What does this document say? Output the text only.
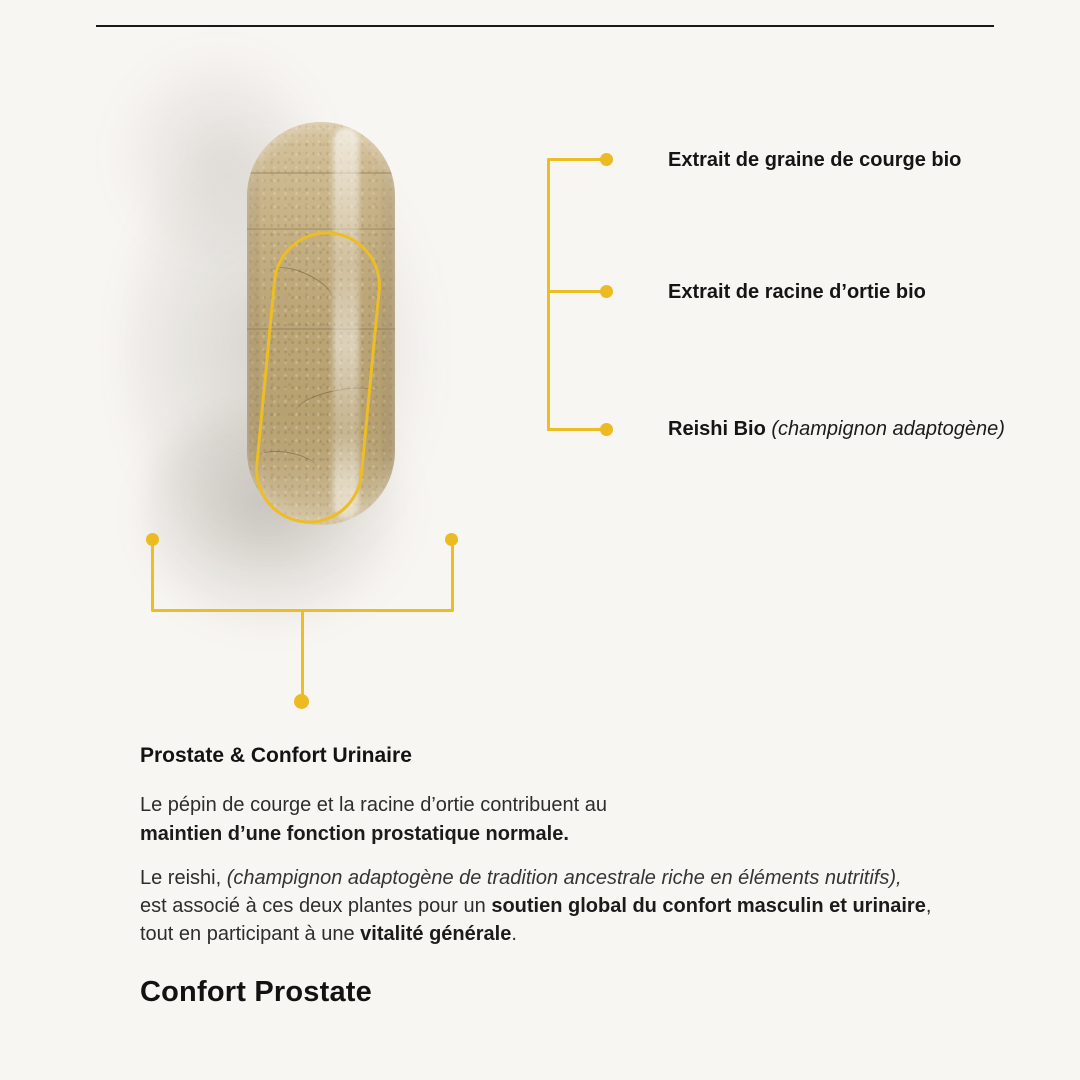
Extrait de graine de courge bio
Extrait de racine d’ortie bio
Reishi Bio (champignon adaptogène)
Prostate & Confort Urinaire
Le pépin de courge et la racine d’ortie contribuent au
maintien d’une fonction prostatique normale.
Le reishi, (champignon adaptogène de tradition ancestrale riche en éléments nutritifs),
est associé à ces deux plantes pour un soutien global du confort masculin et urinaire,
tout en participant à une vitalité générale.
Confort Prostate
